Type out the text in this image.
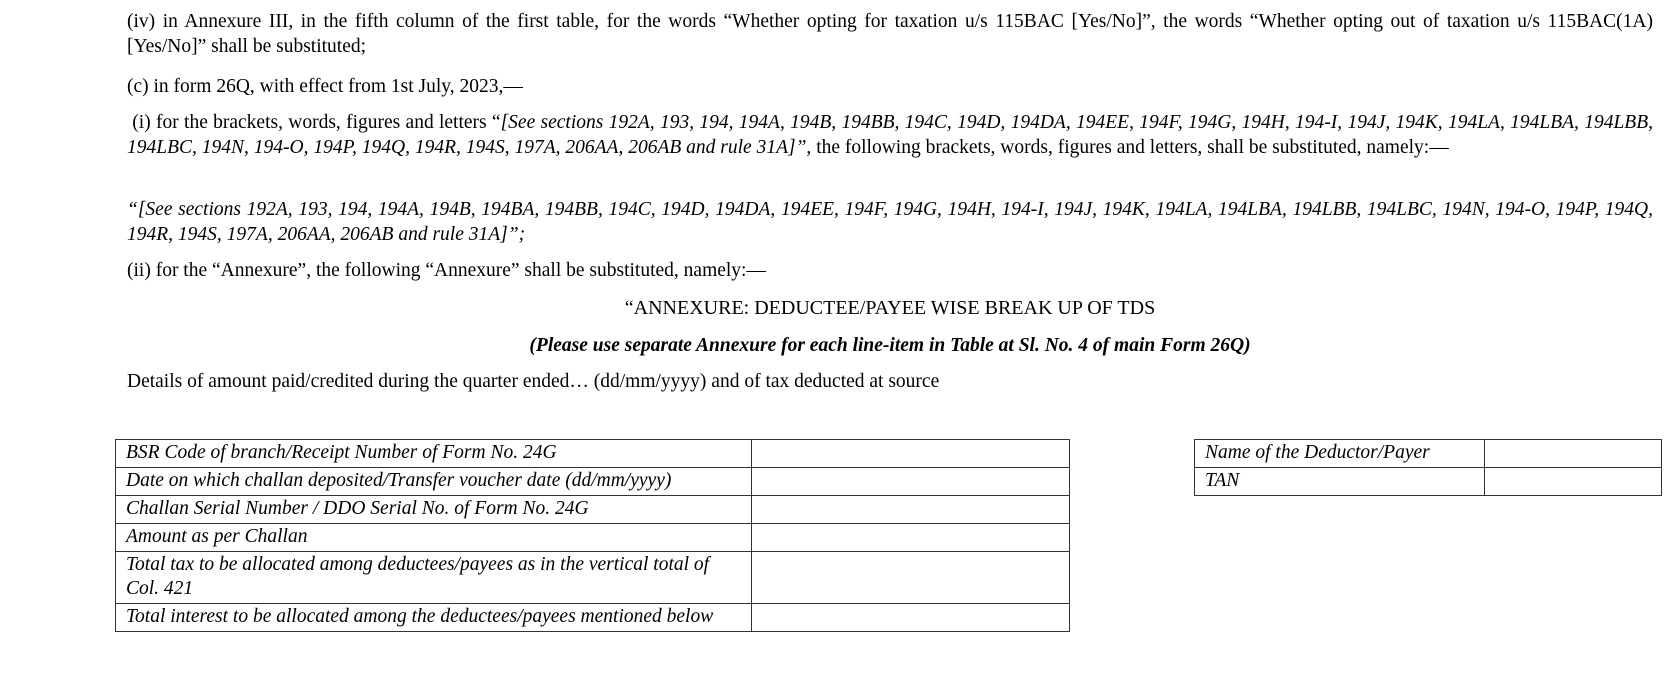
(iv) in Annexure III, in the fifth column of the first table, for the words “Whether opting for taxation u/s 115BAC [Yes/No]”, the words “Whether opting out of taxation u/s 115BAC(1A) [Yes/No]” shall be substituted;

(c) in form 26Q, with effect from 1st July, 2023,—

(i) for the brackets, words, figures and letters “[See sections 192A, 193, 194, 194A, 194B, 194BB, 194C, 194D, 194DA, 194EE, 194F, 194G, 194H, 194-I, 194J, 194K, 194LA, 194LBA, 194LBB, 194LBC, 194N, 194-O, 194P, 194Q, 194R, 194S, 197A, 206AA, 206AB and rule 31A]”, the following brackets, words, figures and letters, shall be substituted, namely:—

“[See sections 192A, 193, 194, 194A, 194B, 194BA, 194BB, 194C, 194D, 194DA, 194EE, 194F, 194G, 194H, 194-I, 194J, 194K, 194LA, 194LBA, 194LBB, 194LBC, 194N, 194-O, 194P, 194Q, 194R, 194S, 197A, 206AA, 206AB and rule 31A]”;

(ii) for the “Annexure”, the following “Annexure” shall be substituted, namely:—

“ANNEXURE: DEDUCTEE/PAYEE WISE BREAK UP OF TDS

(Please use separate Annexure for each line-item in Table at Sl. No. 4 of main Form 26Q)

Details of amount paid/credited during the quarter ended… (dd/mm/yyyy) and of tax deducted at source

BSR Code of branch/Receipt Number of Form No. 24G	
Date on which challan deposited/Transfer voucher date (dd/mm/yyyy)	
Challan Serial Number / DDO Serial No. of Form No. 24G	
Amount as per Challan	
Total tax to be allocated among deductees/payees as in the vertical total of Col. 421	
Total interest to be allocated among the deductees/payees mentioned below	
Name of the Deductor/Payer	
TAN	
